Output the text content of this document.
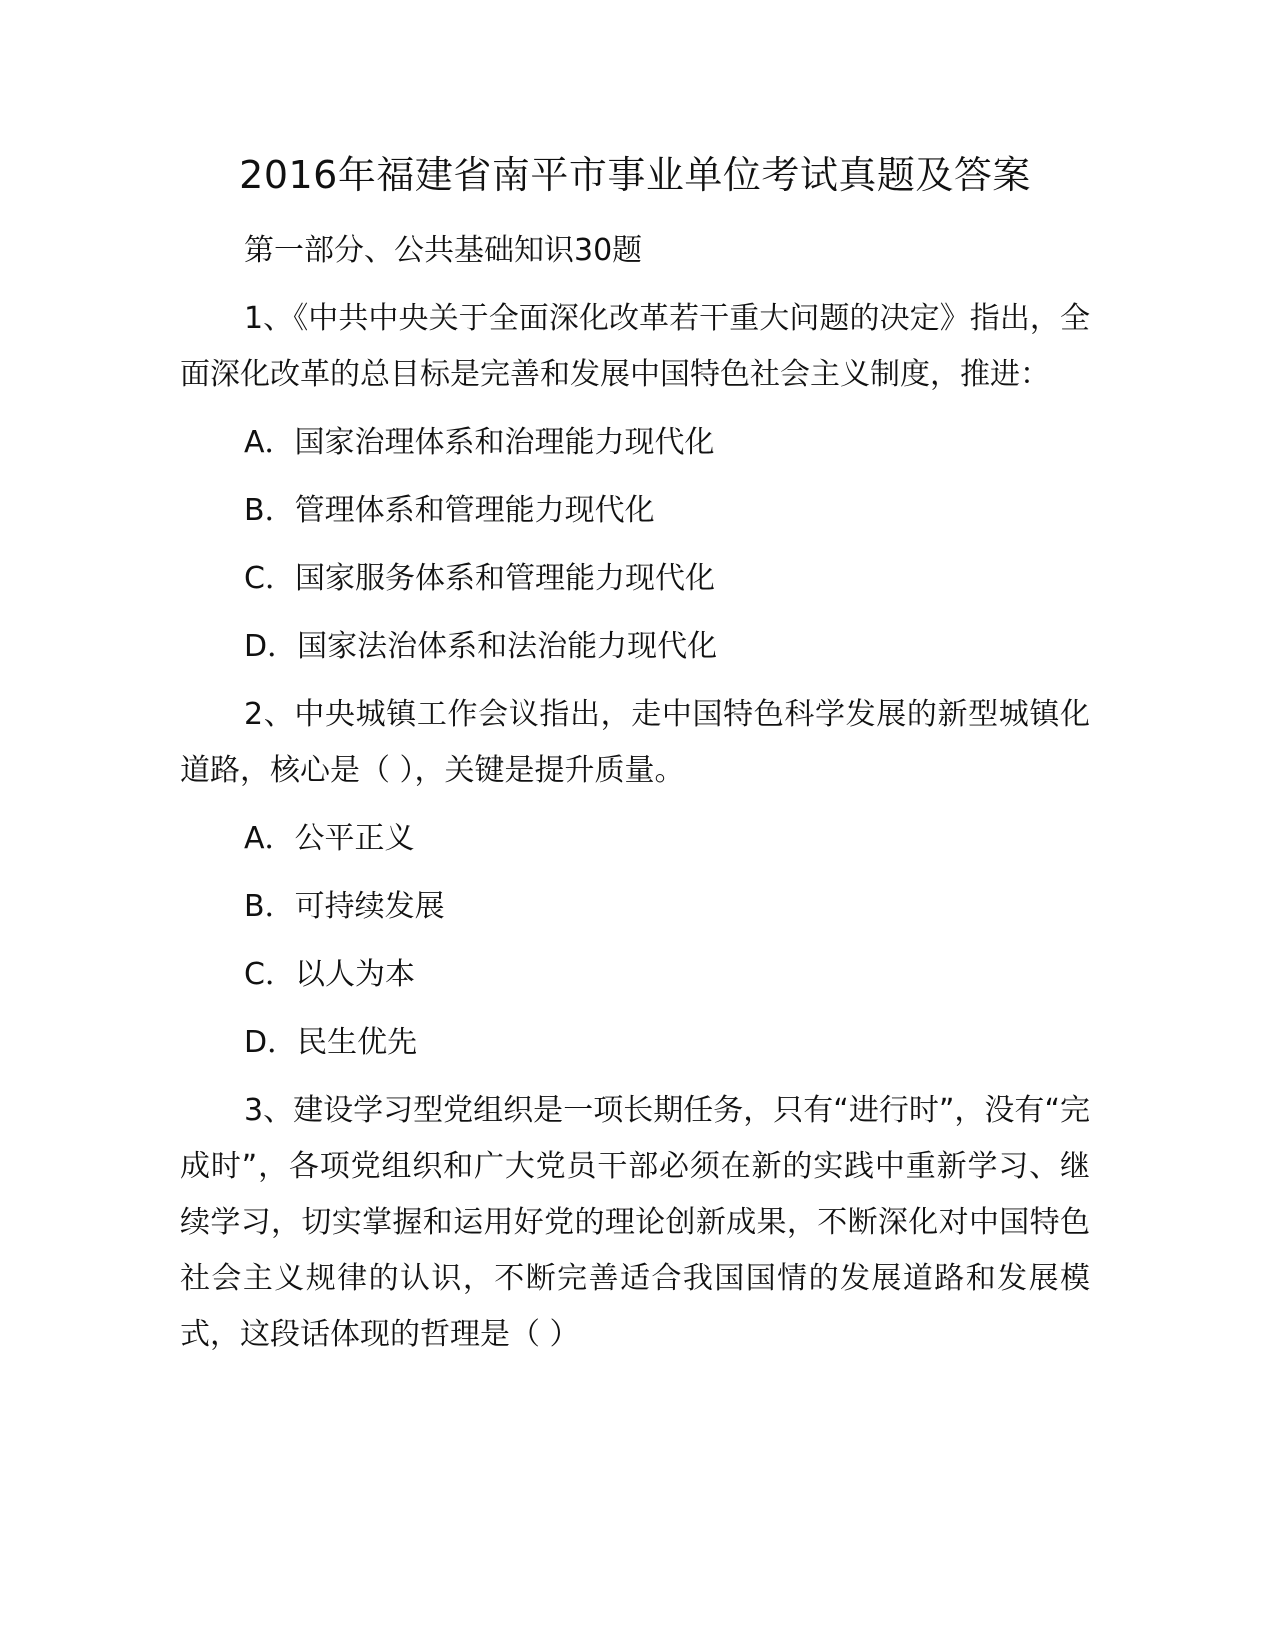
2016年福建省南平市事业单位考试真题及答案
第一部分、公共基础知识30题
1、《中共中央关于全面深化改革若干重大问题的决定》指出，全面深化改革的总目标是完善和发展中国特色社会主义制度，推进：
A．国家治理体系和治理能力现代化
B．管理体系和管理能力现代化
C．国家服务体系和管理能力现代化
D．国家法治体系和法治能力现代化
2、中央城镇工作会议指出，走中国特色科学发展的新型城镇化道路，核心是（ ），关键是提升质量。
A．公平正义
B．可持续发展
C．以人为本
D．民生优先
3、建设学习型党组织是一项长期任务，只有“进行时”，没有“完成时”，各项党组织和广大党员干部必须在新的实践中重新学习、继续学习，切实掌握和运用好党的理论创新成果，不断深化对中国特色社会主义规律的认识，不断完善适合我国国情的发展道路和发展模式，这段话体现的哲理是（ ）
